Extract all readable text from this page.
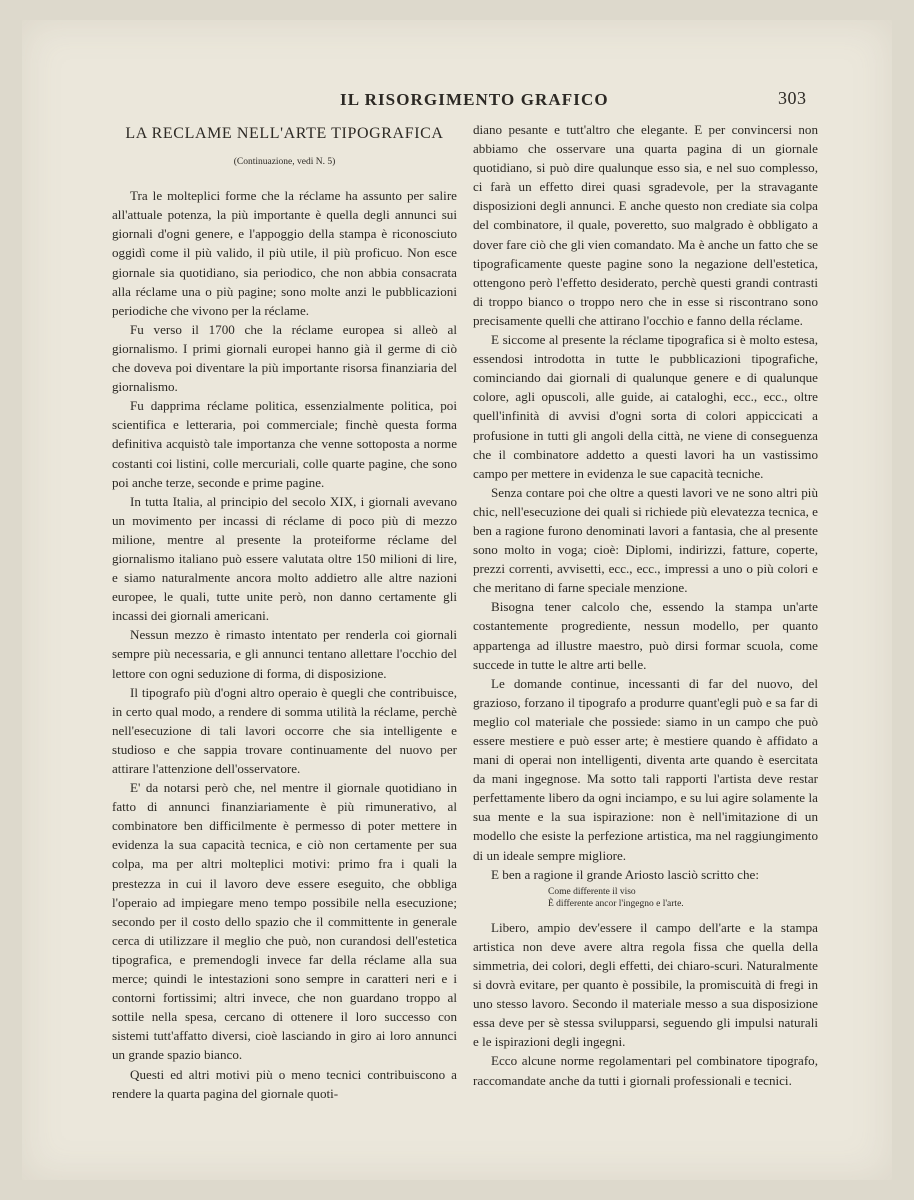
IL RISORGIMENTO GRAFICO	303
LA RECLAME NELL'ARTE TIPOGRAFICA
(Continuazione, vedi N. 5)

Tra le molteplici forme che la réclame ha assunto per salire all'attuale potenza, la più importante è quella degli annunci sui giornali d'ogni genere, e l'appoggio della stampa è riconosciuto oggidì come il più valido, il più utile, il più proficuo. Non esce giornale sia quotidiano, sia periodico, che non abbia consacrata alla réclame una o più pagine; sono molte anzi le pubblicazioni periodiche che vivono per la réclame.

Fu verso il 1700 che la réclame europea si alleò al giornalismo. I primi giornali europei hanno già il germe di ciò che doveva poi diventare la più importante risorsa finanziaria del giornalismo.

Fu dapprima réclame politica, essenzialmente politica, poi scientifica e letteraria, poi commerciale; finchè questa forma definitiva acquistò tale importanza che venne sottoposta a norme costanti coi listini, colle mercuriali, colle quarte pagine, che sono poi anche terze, seconde e prime pagine.

In tutta Italia, al principio del secolo XIX, i giornali avevano un movimento per incassi di réclame di poco più di mezzo milione, mentre al presente la proteiforme réclame del giornalismo italiano può essere valutata oltre 150 milioni di lire, e siamo naturalmente ancora molto addietro alle altre nazioni europee, le quali, tutte unite però, non danno certamente gli incassi dei giornali americani.

Nessun mezzo è rimasto intentato per renderla coi giornali sempre più necessaria, e gli annunci tentano allettare l'occhio del lettore con ogni seduzione di forma, di disposizione.

Il tipografo più d'ogni altro operaio è quegli che contribuisce, in certo qual modo, a rendere di somma utilità la réclame, perchè nell'esecuzione di tali lavori occorre che sia intelligente e studioso e che sappia trovare continuamente del nuovo per attirare l'attenzione dell'osservatore.

E' da notarsi però che, nel mentre il giornale quotidiano in fatto di annunci finanziariamente è più rimunerativo, al combinatore ben difficilmente è permesso di poter mettere in evidenza la sua capacità tecnica, e ciò non certamente per sua colpa, ma per altri molteplici motivi: primo fra i quali la prestezza in cui il lavoro deve essere eseguito, che obbliga l'operaio ad impiegare meno tempo possibile nella esecuzione; secondo per il costo dello spazio che il committente in generale cerca di utilizzare il meglio che può, non curandosi dell'estetica tipografica, e premendogli invece far della réclame alla sua merce; quindi le intestazioni sono sempre in caratteri neri e i contorni fortissimi; altri invece, che non guardano troppo al sottile nella spesa, cercano di ottenere il loro successo con sistemi tutt'affatto diversi, cioè lasciando in giro ai loro annunci un grande spazio bianco.

Questi ed altri motivi più o meno tecnici contribuiscono a rendere la quarta pagina del giornale quoti-

diano pesante e tutt'altro che elegante. E per convincersi non abbiamo che osservare una quarta pagina di un giornale quotidiano, si può dire qualunque esso sia, e nel suo complesso, ci farà un effetto direi quasi sgradevole, per la stravagante disposizioni degli annunci. E anche questo non crediate sia colpa del combinatore, il quale, poveretto, suo malgrado è obbligato a dover fare ciò che gli vien comandato. Ma è anche un fatto che se tipograficamente queste pagine sono la negazione dell'estetica, ottengono però l'effetto desiderato, perchè questi grandi contrasti di troppo bianco o troppo nero che in esse si riscontrano sono precisamente quelli che attirano l'occhio e fanno della réclame.

E siccome al presente la réclame tipografica si è molto estesa, essendosi introdotta in tutte le pubblicazioni tipografiche, cominciando dai giornali di qualunque genere e di qualunque colore, agli opuscoli, alle guide, ai cataloghi, ecc., ecc., oltre quell'infinità di avvisi d'ogni sorta di colori appiccicati a profusione in tutti gli angoli della città, ne viene di conseguenza che il combinatore addetto a questi lavori ha un vastissimo campo per mettere in evidenza le sue capacità tecniche.

Senza contare poi che oltre a questi lavori ve ne sono altri più chic, nell'esecuzione dei quali si richiede più elevatezza tecnica, e ben a ragione furono denominati lavori a fantasia, che al presente sono molto in voga; cioè: Diplomi, indirizzi, fatture, coperte, prezzi correnti, avvisetti, ecc., ecc., impressi a uno o più colori e che meritano di farne speciale menzione.

Bisogna tener calcolo che, essendo la stampa un'arte costantemente progrediente, nessun modello, per quanto appartenga ad illustre maestro, può dirsi formar scuola, come succede in tutte le altre arti belle.

Le domande continue, incessanti di far del nuovo, del grazioso, forzano il tipografo a produrre quant'egli può e sa far di meglio col materiale che possiede: siamo in un campo che può essere mestiere e può esser arte; è mestiere quando è affidato a mani di operai non intelligenti, diventa arte quando è esercitata da mani ingegnose. Ma sotto tali rapporti l'artista deve restar perfettamente libero da ogni inciampo, e su lui agire solamente la sua mente e la sua ispirazione: non è nell'imitazione di un modello che esiste la perfezione artistica, ma nel raggiungimento di un ideale sempre migliore.

E ben a ragione il grande Ariosto lasciò scritto che:

Come differente il viso
È differente ancor l'ingegno e l'arte.

Libero, ampio dev'essere il campo dell'arte e la stampa artistica non deve avere altra regola fissa che quella della simmetria, dei colori, degli effetti, dei chiaro-scuri. Naturalmente si dovrà evitare, per quanto è possibile, la promiscuità di fregi in uno stesso lavoro. Secondo il materiale messo a sua disposizione essa deve per sè stessa svilupparsi, seguendo gli impulsi naturali e le ispirazioni degli ingegni.

Ecco alcune norme regolamentari pel combinatore tipografo, raccomandate anche da tutti i giornali professionali e tecnici.
